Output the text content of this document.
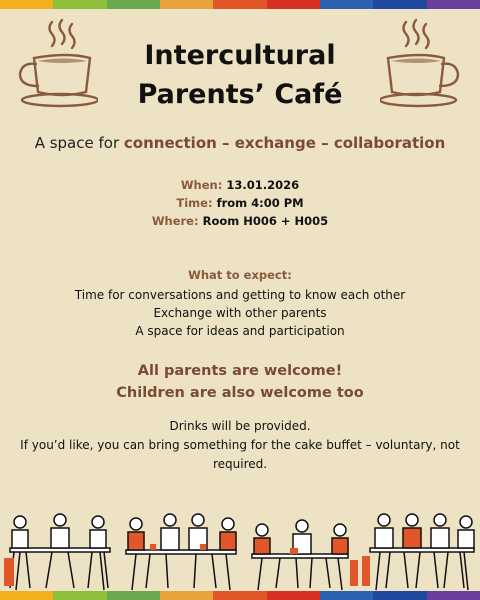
Intercultural
Parents’ Café
A space for connection – exchange – collaboration
When: 13.01.2026
Time: from 4:00 PM
Where: Room H006 + H005
What to expect:
Time for conversations and getting to know each other
Exchange with other parents
A space for ideas and participation
All parents are welcome!
Children are also welcome too
Drinks will be provided.
If you’d like, you can bring something for the cake buffet – voluntary, not required.
